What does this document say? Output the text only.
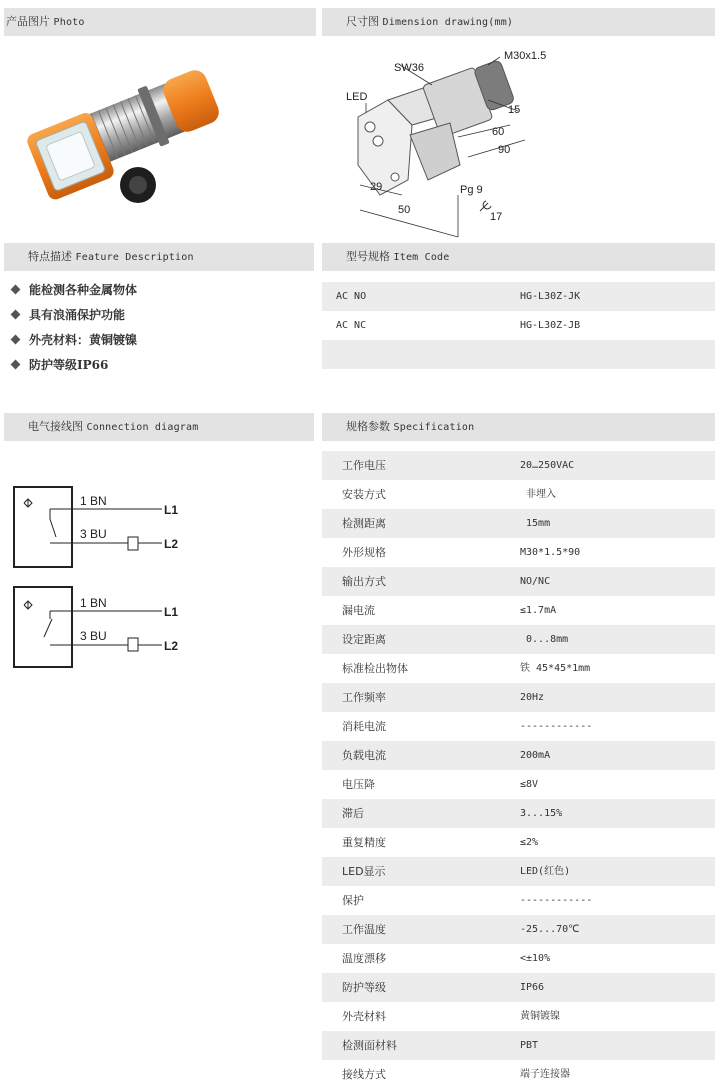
产品图片 Photo	尺寸图 Dimension drawing(mm)
LED
SW36
M30x1.5
15
60
90
29
50
Pg 9
17
特点描述 Feature Description	型号规格 Item Code
能检测各种金属物体
具有浪涌保护功能
外壳材料：黄铜镀镍
防护等级IP66
AC NO	HG-L30Z-JK
AC NC	HG-L30Z-JB
电气接线图 Connection diagram	规格参数 Specification
1 BN
3 BU
L1
L2
1 BN
3 BU
L1
L2
工作电压	20…250VAC
安装方式	非埋入
检测距离	15mm
外形规格	M30*1.5*90
输出方式	NO/NC
漏电流	≤1.7mA
设定距离	0...8mm
标准检出物体	铁 45*45*1mm
工作频率	20Hz
消耗电流	------------
负载电流	200mA
电压降	≤8V
滞后	3...15%
重复精度	≤2%
LED显示	LED(红色)
保护	------------
工作温度	-25...70℃
温度漂移	<±10%
防护等级	IP66
外壳材料	黄铜镀镍
检测面材料	PBT
接线方式	端子连接器
